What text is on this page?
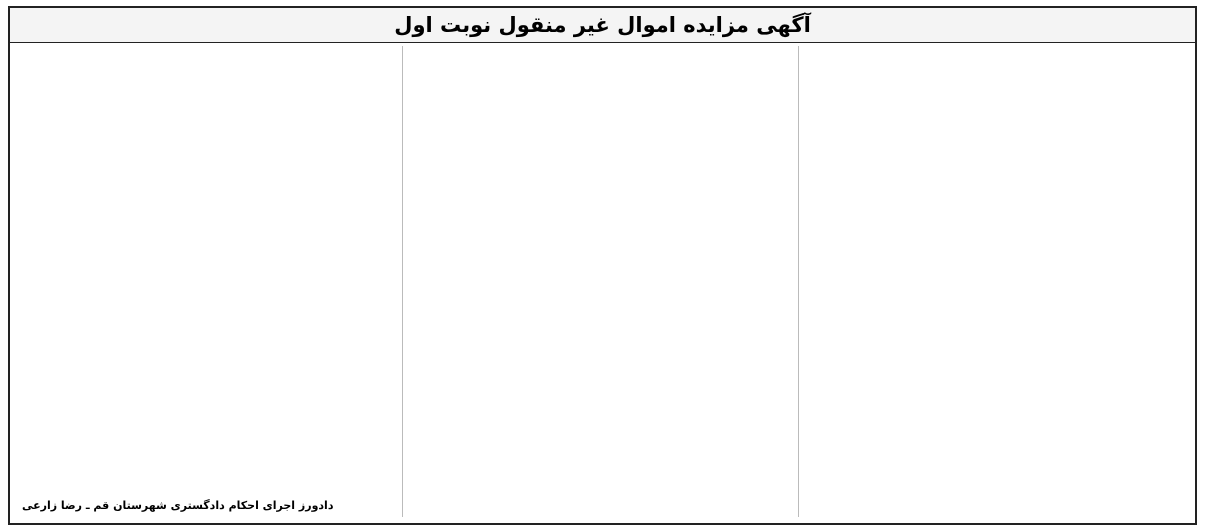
آگهی مزایده اموال غیر منقول نوبت اول

دادورز اجرای احکام دادگستری شهرستان قم ـ رضا زارعی
